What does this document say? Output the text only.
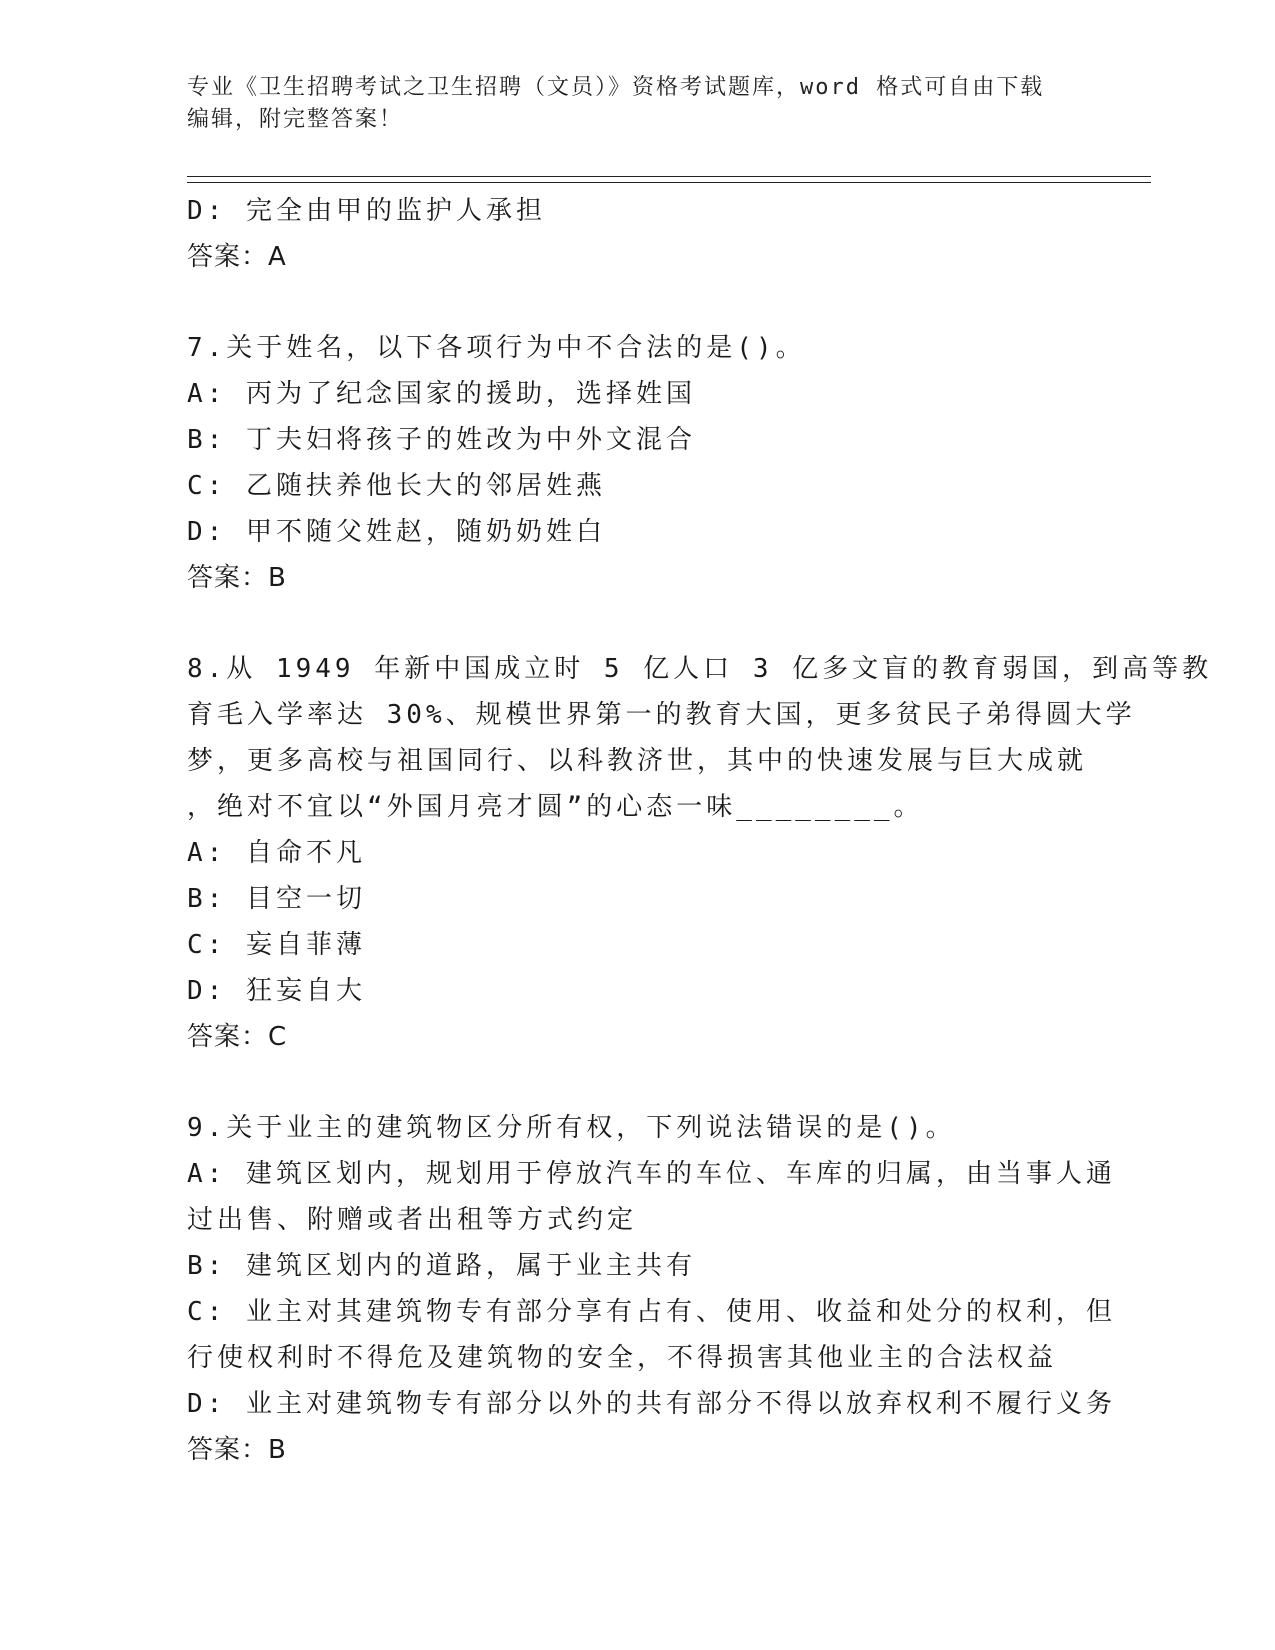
专业《卫生招聘考试之卫生招聘（文员）》资格考试题库，word 格式可自由下载
编辑，附完整答案！
D: 完全由甲的监护人承担
答案：A
7.关于姓名，以下各项行为中不合法的是()。
A: 丙为了纪念国家的援助，选择姓国
B: 丁夫妇将孩子的姓改为中外文混合
C: 乙随扶养他长大的邻居姓燕
D: 甲不随父姓赵，随奶奶姓白
答案：B
8.从 1949 年新中国成立时 5 亿人口 3 亿多文盲的教育弱国，到高等教
育毛入学率达 30%、规模世界第一的教育大国，更多贫民子弟得圆大学
梦，更多高校与祖国同行、以科教济世，其中的快速发展与巨大成就
，绝对不宜以“外国月亮才圆”的心态一味________。
A: 自命不凡
B: 目空一切
C: 妄自菲薄
D: 狂妄自大
答案：C
9.关于业主的建筑物区分所有权，下列说法错误的是()。
A: 建筑区划内，规划用于停放汽车的车位、车库的归属，由当事人通
过出售、附赠或者出租等方式约定
B: 建筑区划内的道路，属于业主共有
C: 业主对其建筑物专有部分享有占有、使用、收益和处分的权利，但
行使权利时不得危及建筑物的安全，不得损害其他业主的合法权益
D: 业主对建筑物专有部分以外的共有部分不得以放弃权利不履行义务
答案：B
